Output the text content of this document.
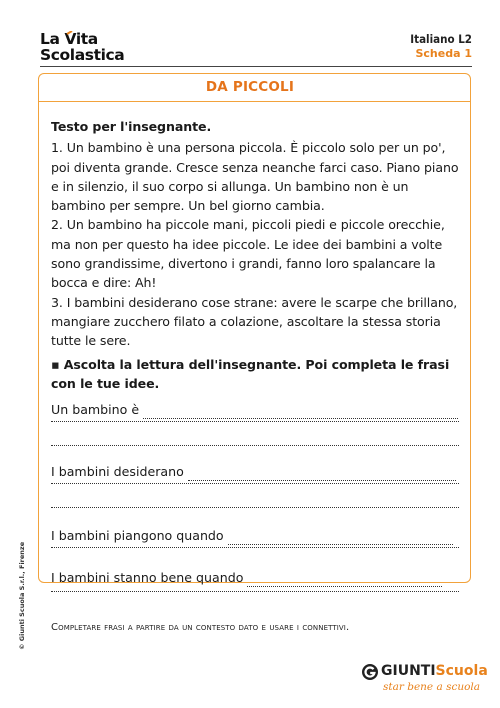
La Vita
Scolastica
Italiano L2
Scheda 1
DA PICCOLI
Testo per l'insegnante.

1. Un bambino è una persona piccola. È piccolo solo per un po', poi diventa grande. Cresce senza neanche farci caso. Piano piano e in silenzio, il suo corpo si allunga. Un bambino non è un bambino per sempre. Un bel giorno cambia.

2. Un bambino ha piccole mani, piccoli piedi e piccole orecchie, ma non per questo ha idee piccole. Le idee dei bambini a volte sono grandissime, divertono i grandi, fanno loro spalancare la bocca e dire: Ah!

3. I bambini desiderano cose strane: avere le scarpe che brillano, mangiare zucchero filato a colazione, ascoltare la stessa storia tutte le sere.

▪ Ascolta la lettura dell'insegnante. Poi completa le frasi con le tue idee.
Un bambino è
I bambini desiderano
I bambini piangono quando
I bambini stanno bene quando
Completare frasi a partire da un contesto dato e usare i connettivi.
© Giunti Scuola S.r.l., Firenze
GIUNTIScuola
star bene a scuola
